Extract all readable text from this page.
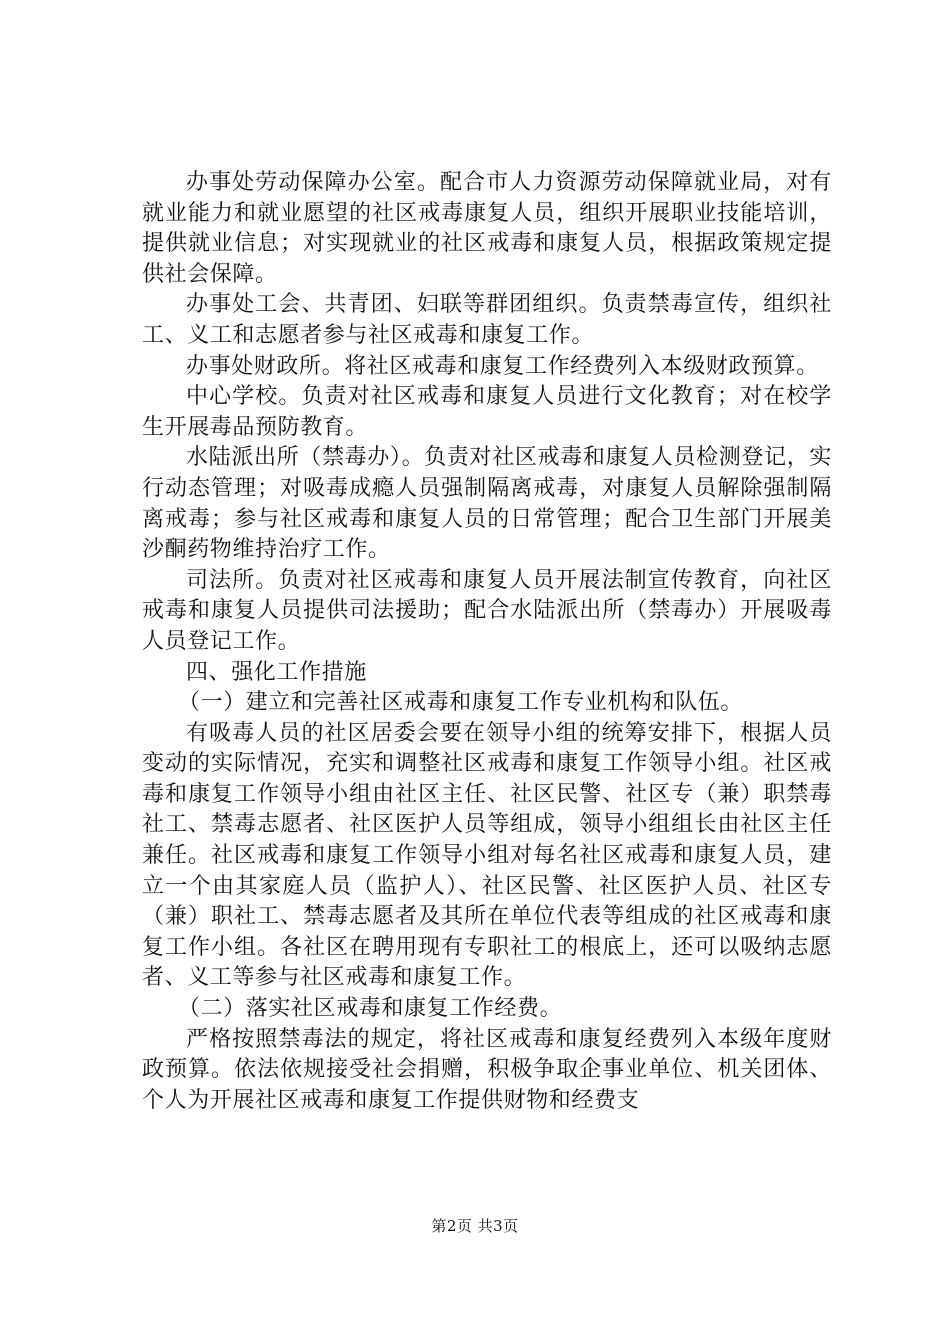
办事处劳动保障办公室。配合市人力资源劳动保障就业局，对有就业能力和就业愿望的社区戒毒康复人员，组织开展职业技能培训，提供就业信息；对实现就业的社区戒毒和康复人员，根据政策规定提供社会保障。

办事处工会、共青团、妇联等群团组织。负责禁毒宣传，组织社工、义工和志愿者参与社区戒毒和康复工作。

办事处财政所。将社区戒毒和康复工作经费列入本级财政预算。

中心学校。负责对社区戒毒和康复人员进行文化教育；对在校学生开展毒品预防教育。

水陆派出所（禁毒办）。负责对社区戒毒和康复人员检测登记，实行动态管理；对吸毒成瘾人员强制隔离戒毒，对康复人员解除强制隔离戒毒；参与社区戒毒和康复人员的日常管理；配合卫生部门开展美沙酮药物维持治疗工作。

司法所。负责对社区戒毒和康复人员开展法制宣传教育，向社区戒毒和康复人员提供司法援助；配合水陆派出所（禁毒办）开展吸毒人员登记工作。

四、强化工作措施

（一）建立和完善社区戒毒和康复工作专业机构和队伍。

有吸毒人员的社区居委会要在领导小组的统筹安排下，根据人员变动的实际情况，充实和调整社区戒毒和康复工作领导小组。社区戒毒和康复工作领导小组由社区主任、社区民警、社区专（兼）职禁毒社工、禁毒志愿者、社区医护人员等组成，领导小组组长由社区主任兼任。社区戒毒和康复工作领导小组对每名社区戒毒和康复人员，建立一个由其家庭人员（监护人）、社区民警、社区医护人员、社区专（兼）职社工、禁毒志愿者及其所在单位代表等组成的社区戒毒和康复工作小组。各社区在聘用现有专职社工的根底上，还可以吸纳志愿者、义工等参与社区戒毒和康复工作。

（二）落实社区戒毒和康复工作经费。

严格按照禁毒法的规定，将社区戒毒和康复经费列入本级年度财政预算。依法依规接受社会捐赠，积极争取企事业单位、机关团体、个人为开展社区戒毒和康复工作提供财物和经费支

第2页 共3页
